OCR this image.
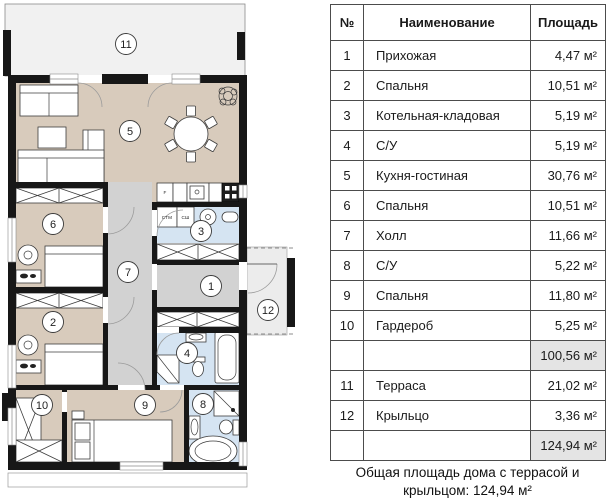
1
2
3
4
5
6
7
8
9
10
11
12
F
СТМ СШ
№	Наименование	Площадь
1	Прихожая	4,47 м²
2	Спальня	10,51 м²
3	Котельная-кладовая	5,19 м²
4	С/У	5,19 м²
5	Кухня-гостиная	30,76 м²
6	Спальня	10,51 м²
7	Холл	11,66 м²
8	С/У	5,22 м²
9	Спальня	11,80 м²
10	Гардероб	5,25 м²
		100,56 м²
11	Терраса	21,02 м²
12	Крыльцо	3,36 м²
		124,94 м²
Общая площадь дома с террасой и крыльцом: 124,94 м²
